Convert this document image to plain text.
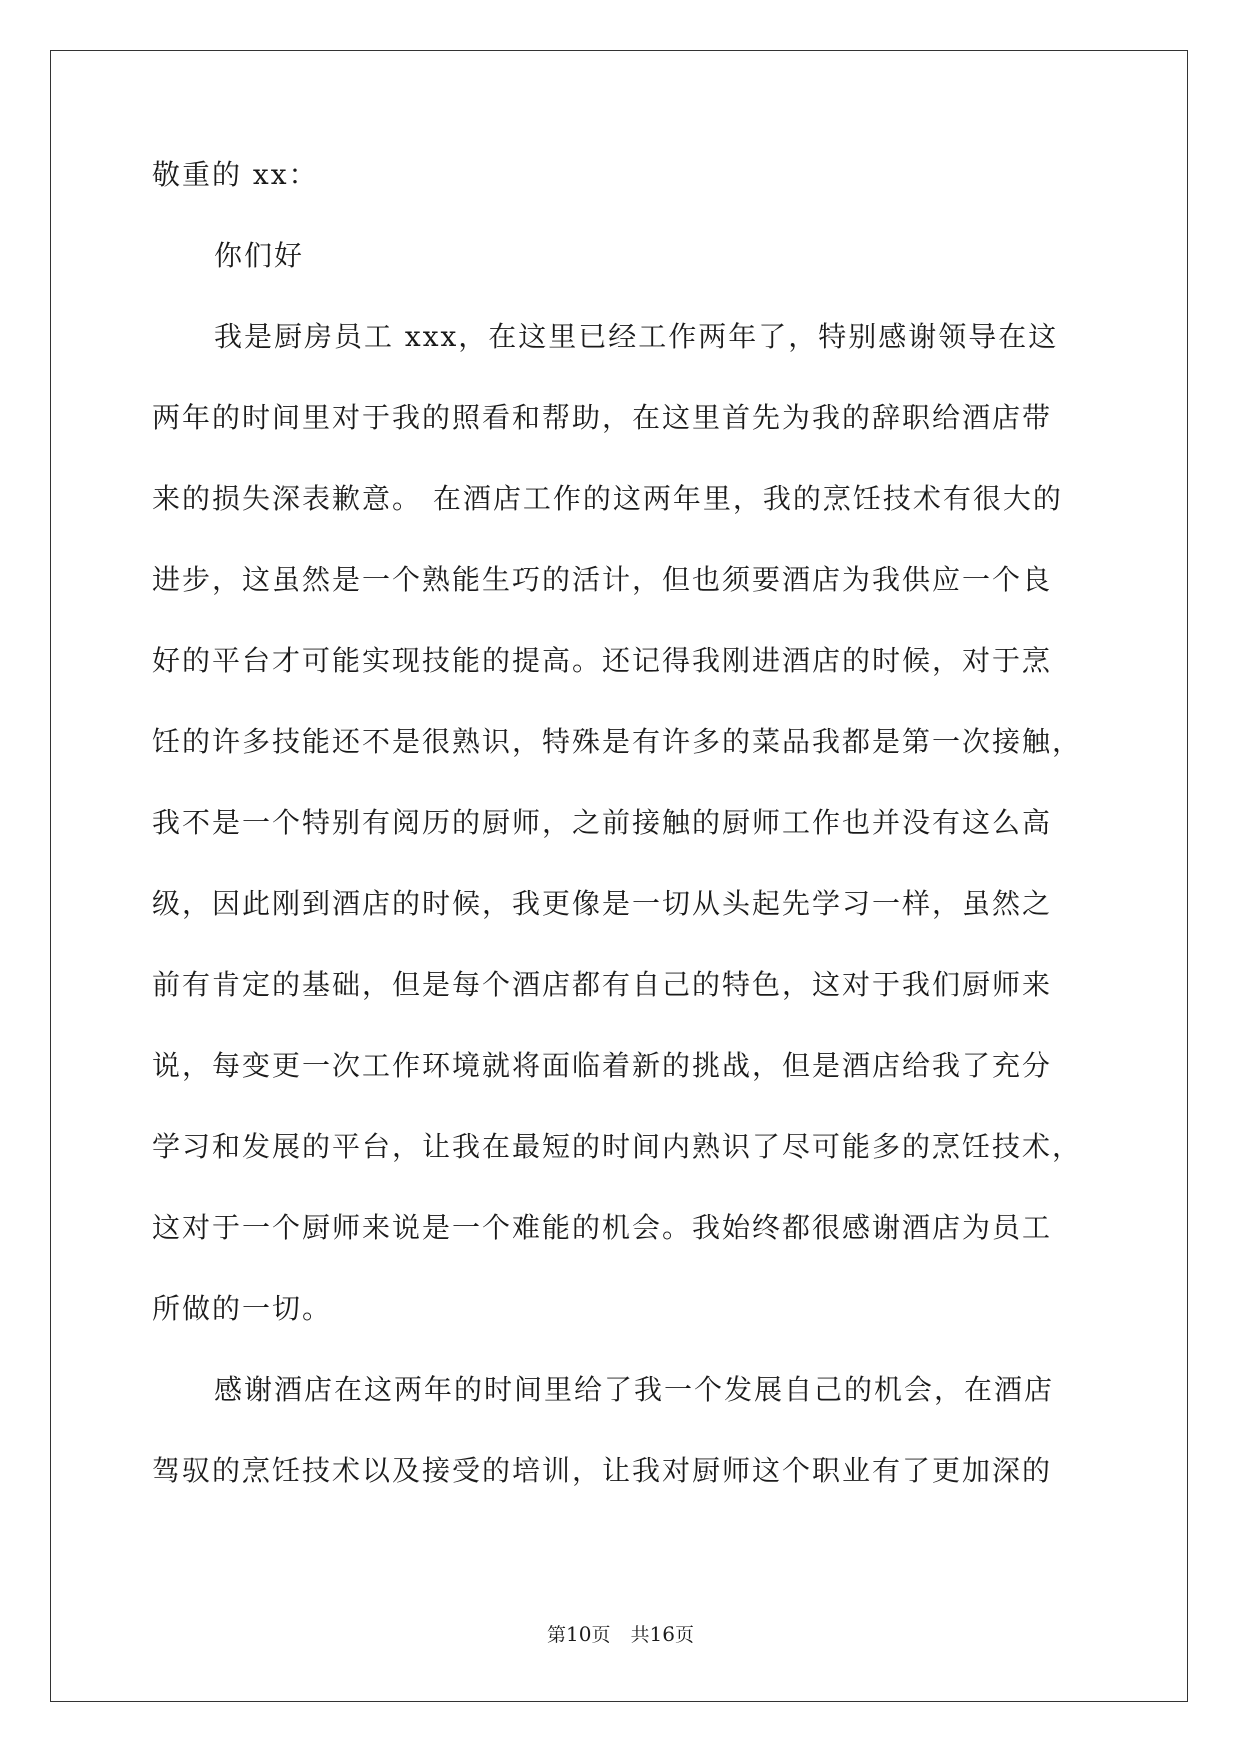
敬重的 xx：
你们好
我是厨房员工 xxx，在这里已经工作两年了，特别感谢领导在这
两年的时间里对于我的照看和帮助，在这里首先为我的辞职给酒店带
来的损失深表歉意。 在酒店工作的这两年里，我的烹饪技术有很大的
进步，这虽然是一个熟能生巧的活计，但也须要酒店为我供应一个良
好的平台才可能实现技能的提高。还记得我刚进酒店的时候，对于烹
饪的许多技能还不是很熟识，特殊是有许多的菜品我都是第一次接触，
我不是一个特别有阅历的厨师，之前接触的厨师工作也并没有这么高
级，因此刚到酒店的时候，我更像是一切从头起先学习一样，虽然之
前有肯定的基础，但是每个酒店都有自己的特色，这对于我们厨师来
说，每变更一次工作环境就将面临着新的挑战，但是酒店给我了充分
学习和发展的平台，让我在最短的时间内熟识了尽可能多的烹饪技术，
这对于一个厨师来说是一个难能的机会。我始终都很感谢酒店为员工
所做的一切。
感谢酒店在这两年的时间里给了我一个发展自己的机会，在酒店
驾驭的烹饪技术以及接受的培训，让我对厨师这个职业有了更加深的
第10页 共16页
